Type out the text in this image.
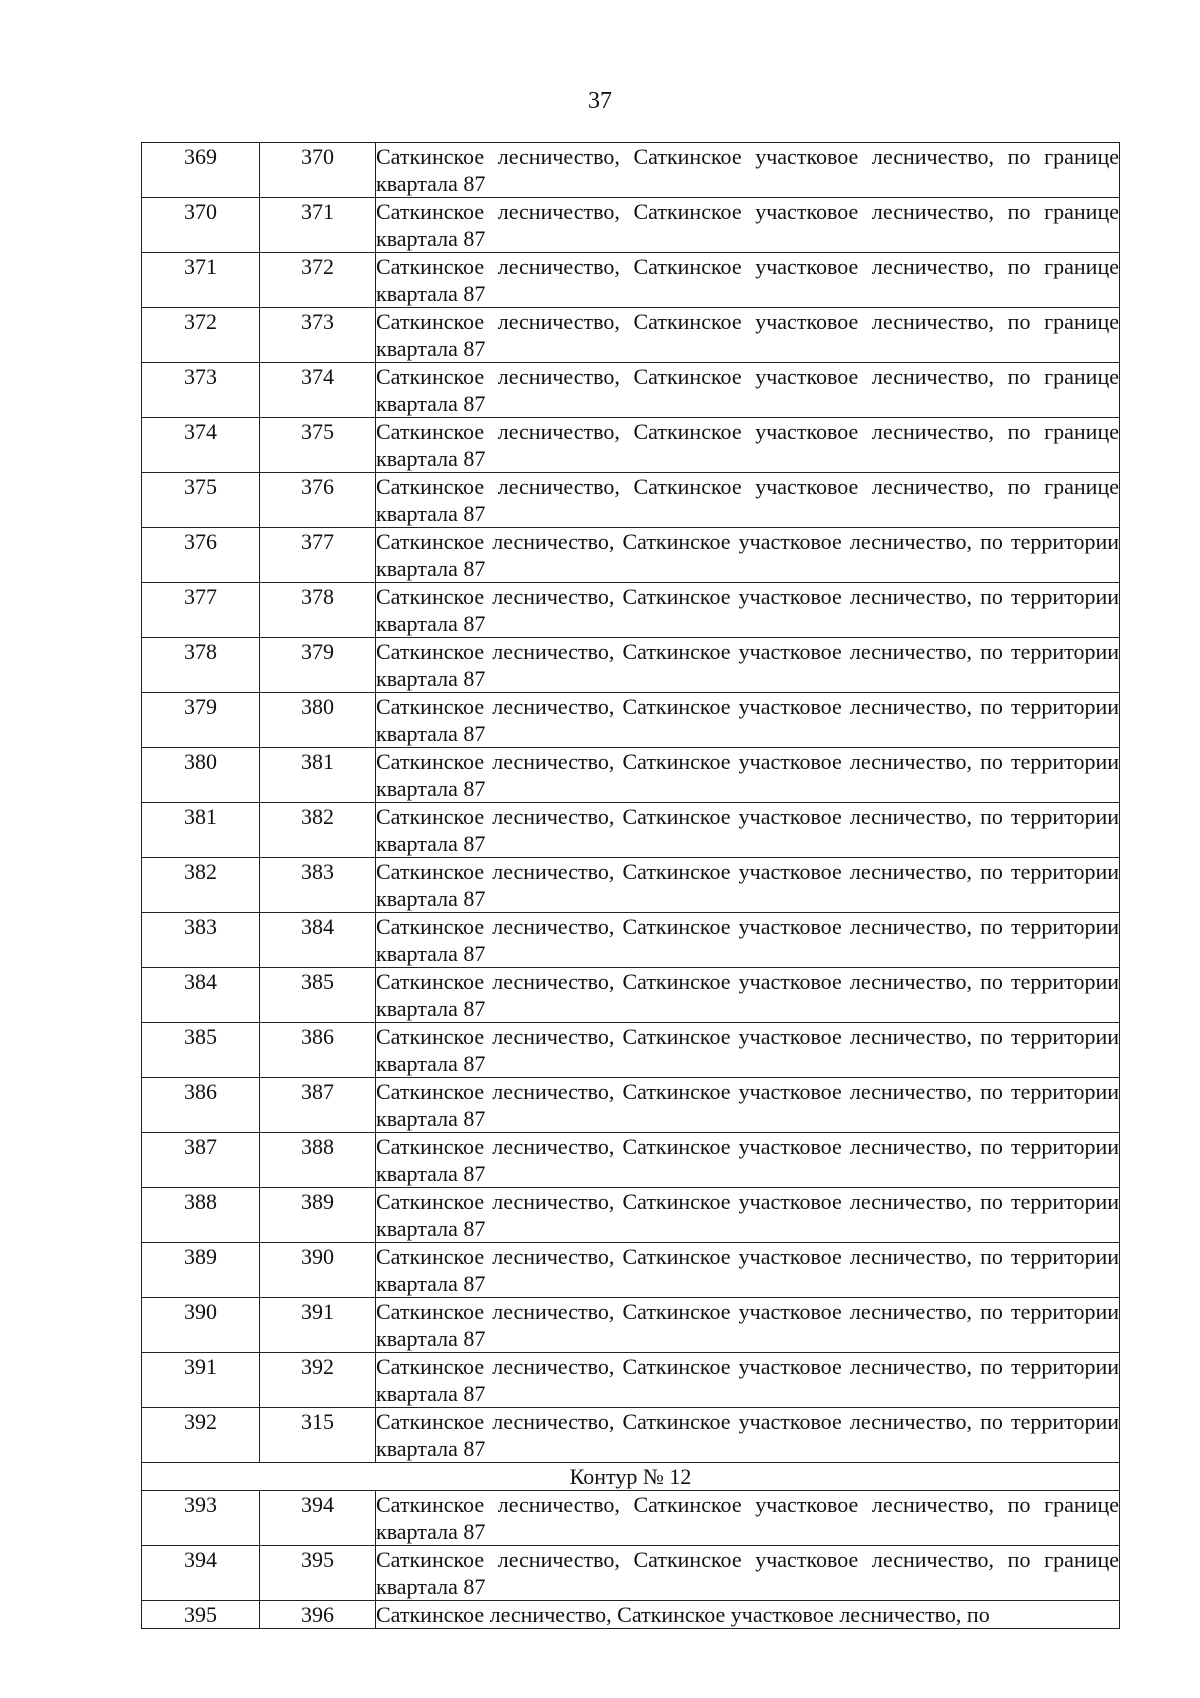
37
369	370	Саткинское лесничество, Саткинское участковое лесничество, по границе квартала 87
370	371	Саткинское лесничество, Саткинское участковое лесничество, по границе квартала 87
371	372	Саткинское лесничество, Саткинское участковое лесничество, по границе квартала 87
372	373	Саткинское лесничество, Саткинское участковое лесничество, по границе квартала 87
373	374	Саткинское лесничество, Саткинское участковое лесничество, по границе квартала 87
374	375	Саткинское лесничество, Саткинское участковое лесничество, по границе квартала 87
375	376	Саткинское лесничество, Саткинское участковое лесничество, по границе квартала 87
376	377	Саткинское лесничество, Саткинское участковое лесничество, по территории квартала 87
377	378	Саткинское лесничество, Саткинское участковое лесничество, по территории квартала 87
378	379	Саткинское лесничество, Саткинское участковое лесничество, по территории квартала 87
379	380	Саткинское лесничество, Саткинское участковое лесничество, по территории квартала 87
380	381	Саткинское лесничество, Саткинское участковое лесничество, по территории квартала 87
381	382	Саткинское лесничество, Саткинское участковое лесничество, по территории квартала 87
382	383	Саткинское лесничество, Саткинское участковое лесничество, по территории квартала 87
383	384	Саткинское лесничество, Саткинское участковое лесничество, по территории квартала 87
384	385	Саткинское лесничество, Саткинское участковое лесничество, по территории квартала 87
385	386	Саткинское лесничество, Саткинское участковое лесничество, по территории квартала 87
386	387	Саткинское лесничество, Саткинское участковое лесничество, по территории квартала 87
387	388	Саткинское лесничество, Саткинское участковое лесничество, по территории квартала 87
388	389	Саткинское лесничество, Саткинское участковое лесничество, по территории квартала 87
389	390	Саткинское лесничество, Саткинское участковое лесничество, по территории квартала 87
390	391	Саткинское лесничество, Саткинское участковое лесничество, по территории квартала 87
391	392	Саткинское лесничество, Саткинское участковое лесничество, по территории квартала 87
392	315	Саткинское лесничество, Саткинское участковое лесничество, по территории квартала 87
Контур № 12		
393	394	Саткинское лесничество, Саткинское участковое лесничество, по границе квартала 87
394	395	Саткинское лесничество, Саткинское участковое лесничество, по границе квартала 87
395	396	Саткинское лесничество, Саткинское участковое лесничество, по
